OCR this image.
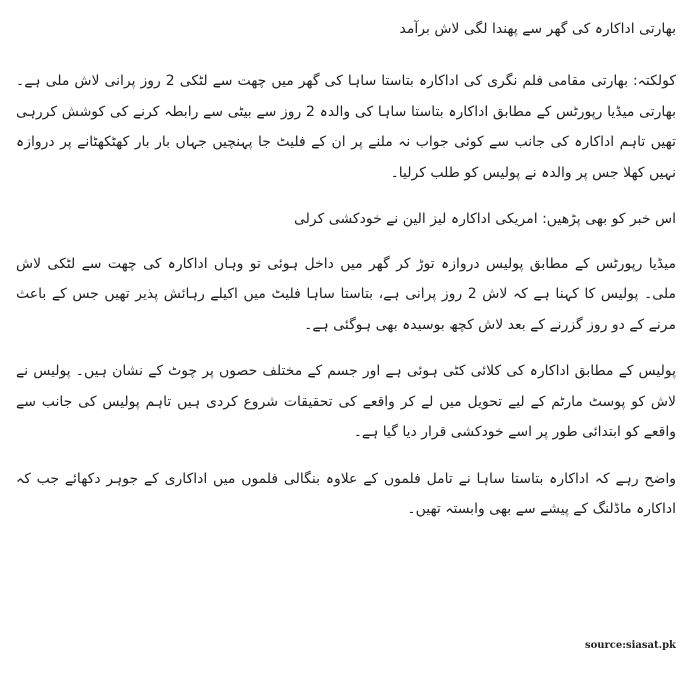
بھارتی اداکارہ کی گھر سے پھندا لگی لاش برآمد

کولکتہ: بھارتی مقامی فلم نگری کی اداکارہ بتاستا ساہا کی گھر میں چھت سے لٹکی 2 روز پرانی لاش ملی ہے۔ بھارتی میڈیا رپورٹس کے مطابق اداکارہ بتاستا ساہا کی والدہ 2 روز سے بیٹی سے رابطہ کرنے کی کوشش کررہی تھیں تاہم اداکارہ کی جانب سے کوئی جواب نہ ملنے پر ان کے فلیٹ جا پہنچیں جہاں بار بار کھٹکھٹانے پر دروازہ نہیں کھلا جس پر والدہ نے پولیس کو طلب کرلیا۔

اس خبر کو بھی پڑھیں: امریکی اداکارہ لیز الین نے خودکشی کرلی

میڈیا رپورٹس کے مطابق پولیس دروازہ توڑ کر گھر میں داخل ہوئی تو وہاں اداکارہ کی چھت سے لٹکی لاش ملی۔ پولیس کا کہنا ہے کہ لاش 2 روز پرانی ہے، بتاستا ساہا فلیٹ میں اکیلے رہائش پذیر تھیں جس کے باعث مرنے کے دو روز گزرنے کے بعد لاش کچھ بوسیدہ بھی ہوگئی ہے۔

پولیس کے مطابق اداکارہ کی کلائی کٹی ہوئی ہے اور جسم کے مختلف حصوں پر چوٹ کے نشان ہیں۔ پولیس نے لاش کو پوسٹ مارٹم کے لیے تحویل میں لے کر واقعے کی تحقیقات شروع کردی ہیں تاہم پولیس کی جانب سے واقعے کو ابتدائی طور پر اسے خودکشی قرار دیا گیا ہے۔

واضح رہے کہ اداکارہ بتاستا ساہا نے تامل فلموں کے علاوہ بنگالی فلموں میں اداکاری کے جوہر دکھائے جب کہ اداکارہ ماڈلنگ کے پیشے سے بھی وابستہ تھیں۔

source:siasat.pk
